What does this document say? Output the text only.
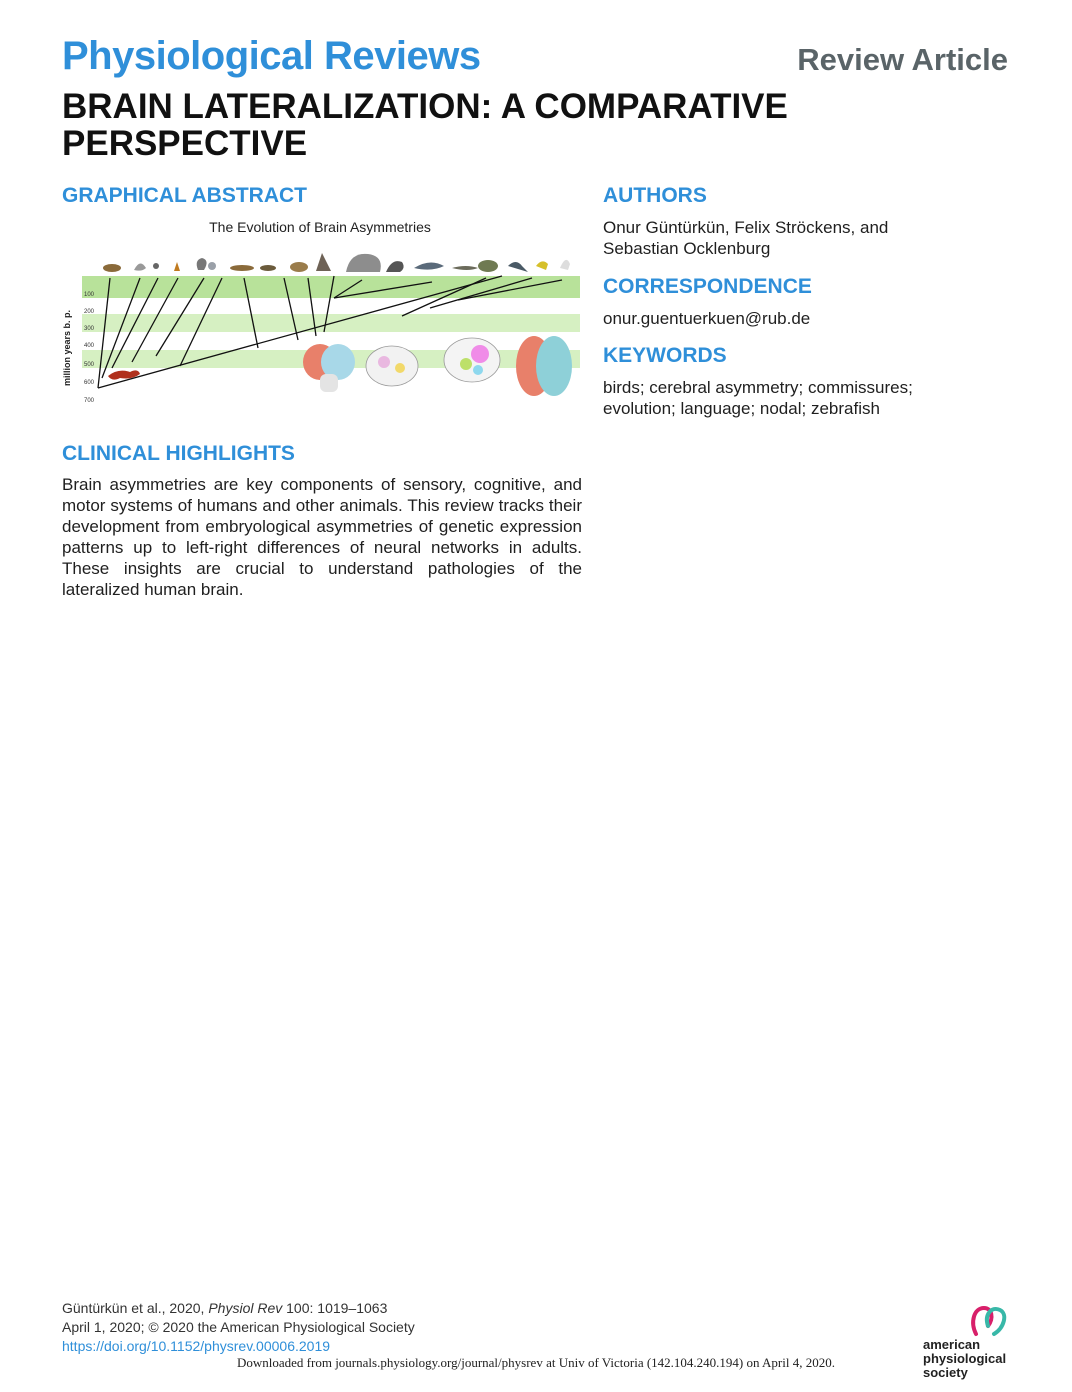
Physiological Reviews	Review Article
BRAIN LATERALIZATION: A COMPARATIVE
PERSPECTIVE
GRAPHICAL ABSTRACT
The Evolution of Brain Asymmetries
million years b. p.
100
200
300
400
500
600
700
CLINICAL HIGHLIGHTS
Brain asymmetries are key components of sensory, cognitive, and motor systems of humans and other animals. This review tracks their development from embryological asymmetries of genetic expression patterns up to left-right differences of neural networks in adults. These insights are crucial to understand pathologies of the lateralized human brain.
AUTHORS
Onur Güntürkün, Felix Ströckens, and
Sebastian Ocklenburg
CORRESPONDENCE
onur.guentuerkuen@rub.de
KEYWORDS
birds; cerebral asymmetry; commissures;
evolution; language; nodal; zebrafish
Güntürkün et al., 2020, Physiol Rev 100: 1019–1063
April 1, 2020; © 2020 the American Physiological Society
https://doi.org/10.1152/physrev.00006.2019
Downloaded from journals.physiology.org/journal/physrev at Univ of Victoria (142.104.240.194) on April 4, 2020.
american
physiological
society
